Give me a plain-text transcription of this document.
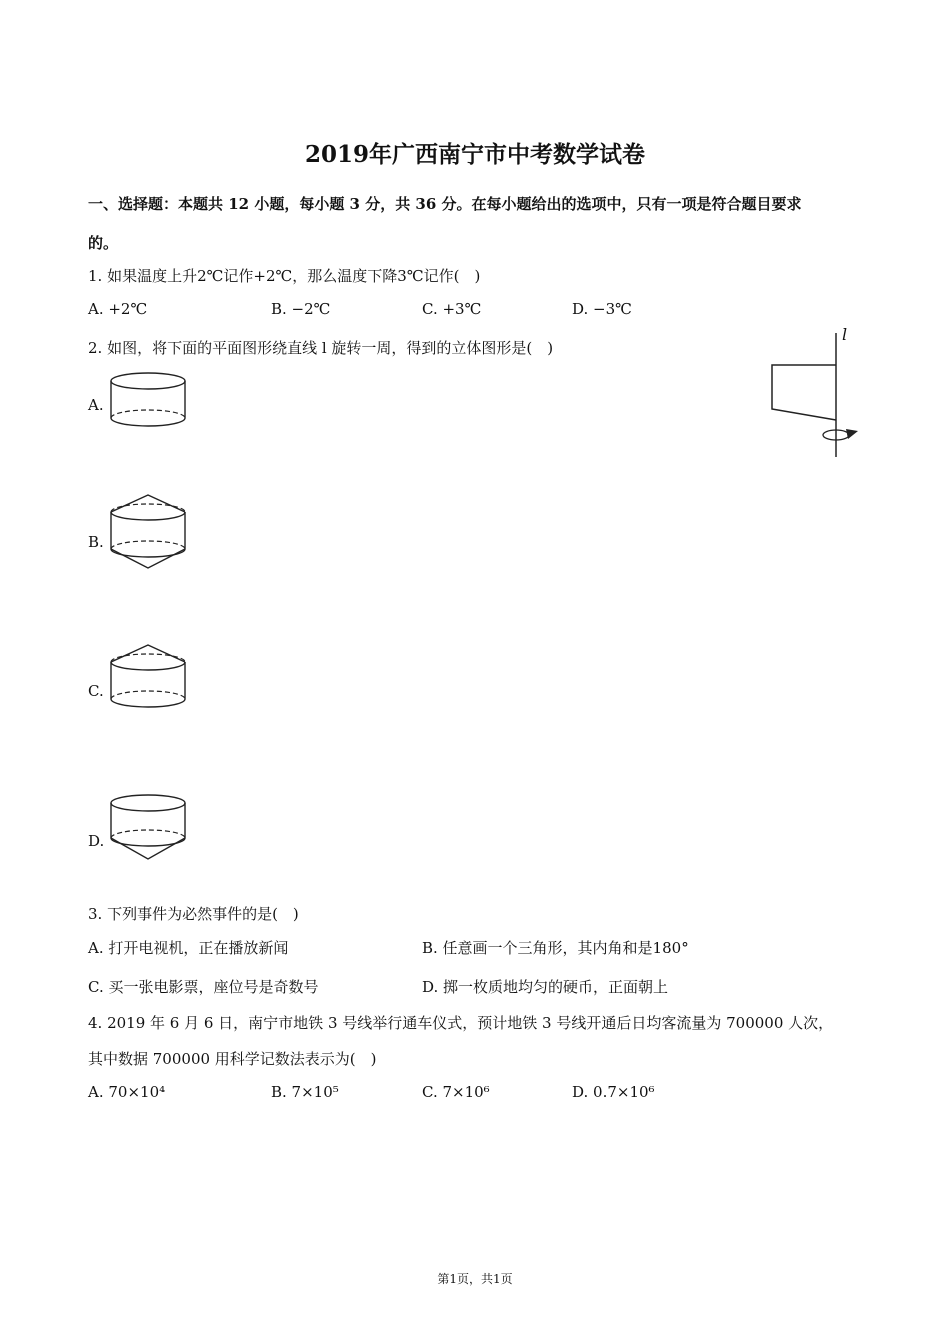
2019年广西南宁市中考数学试卷
一、选择题：本题共 12 小题，每小题 3 分，共 36 分。在每小题给出的选项中，只有一项是符合题目要求
的。
1. 如果温度上升2℃记作+2℃，那么温度下降3℃记作(　)
A. +2℃	B. −2℃	C. +3℃	D. −3℃
2. 如图，将下面的平面图形绕直线 l 旋转一周，得到的立体图形是(　)
l
A.
B.
C.
D.
3. 下列事件为必然事件的是(　)
A. 打开电视机，正在播放新闻	B. 任意画一个三角形，其内角和是180°
C. 买一张电影票，座位号是奇数号	D. 掷一枚质地均匀的硬币，正面朝上
4. 2019 年 6 月 6 日，南宁市地铁 3 号线举行通车仪式，预计地铁 3 号线开通后日均客流量为 700000 人次，
其中数据 700000 用科学记数法表示为(　)
A. 70×10⁴	B. 7×10⁵	C. 7×10⁶	D. 0.7×10⁶
第1页，共1页
